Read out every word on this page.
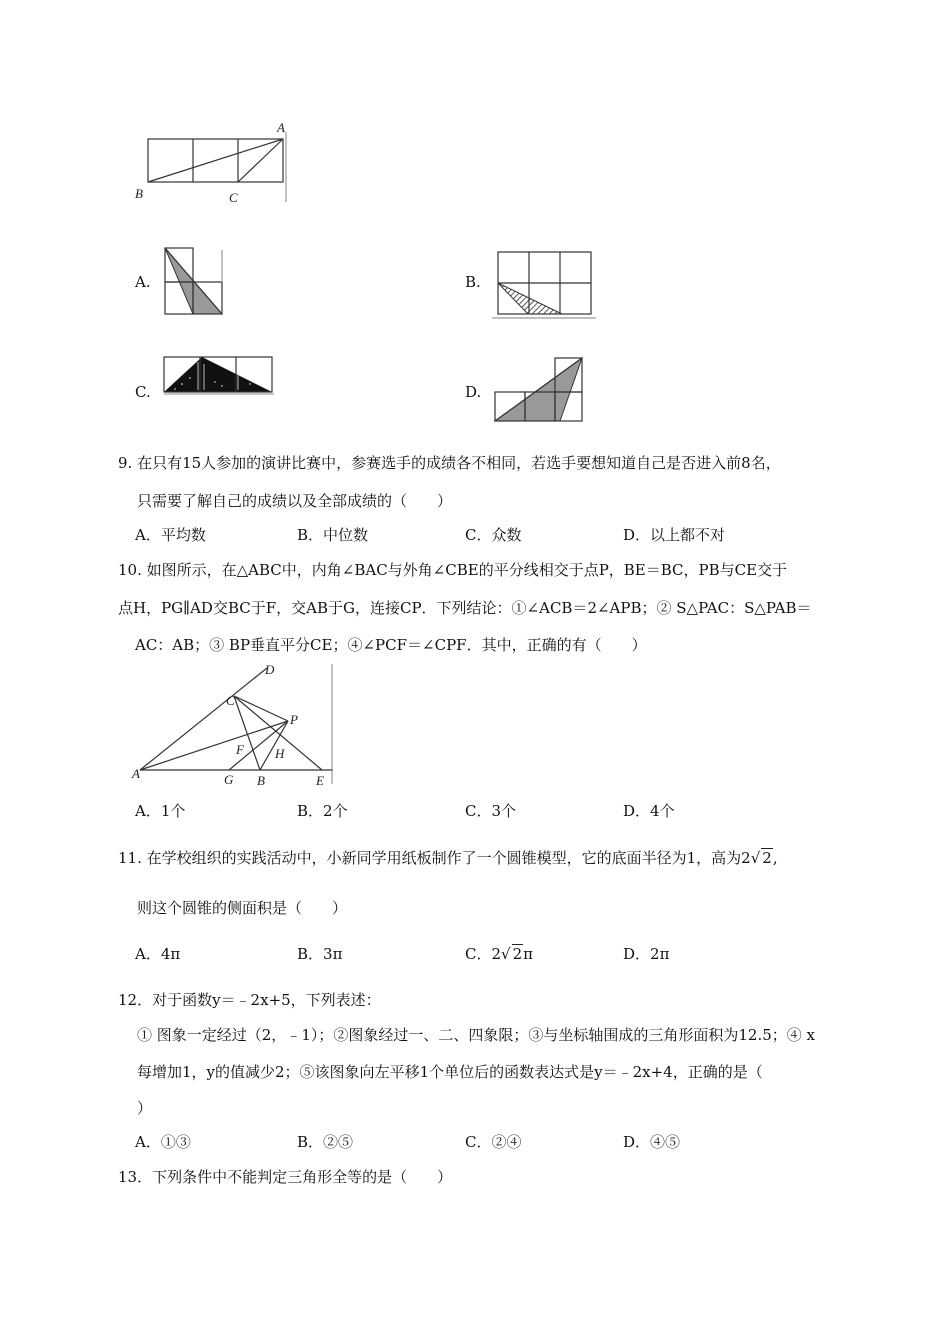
A
B	C
A.	B.
C.	D.
9. 在只有15人参加的演讲比赛中，参赛选手的成绩各不相同，若选手要想知道自己是否进入前8名，
只需要了解自己的成绩以及全部成绩的（　　）
A．平均数	B．中位数	C．众数	D．以上都不对
10. 如图所示，在△ABC中，内角∠BAC与外角∠CBE的平分线相交于点P，BE＝BC，PB与CE交于
点H，PG∥AD交BC于F，交AB于G，连接CP．下列结论：①∠ACB＝2∠APB；② S△PAC：S△PAB＝
AC：AB；③ BP垂直平分CE；④∠PCF＝∠CPF．其中，正确的有（　　）
A	G B	E
C
D
P
F H
A．1个	B．2个	C．3个	D．4个
11. 在学校组织的实践活动中，小新同学用纸板制作了一个圆锥模型，它的底面半径为1，高为2√ 2,
则这个圆锥的侧面积是（　　）
A．4π	B．3π	C．2√ 2π	D．2π
12．对于函数y＝﹣2x+5，下列表述：
① 图象一定经过（2，﹣1）；②图象经过一、二、四象限；③与坐标轴围成的三角形面积为12.5；④ x
每增加1，y的值减少2；⑤该图象向左平移1个单位后的函数表达式是y＝﹣2x+4，正确的是（
）
A．①③	B．②⑤	C．②④	D．④⑤
13．下列条件中不能判定三角形全等的是（　　）
